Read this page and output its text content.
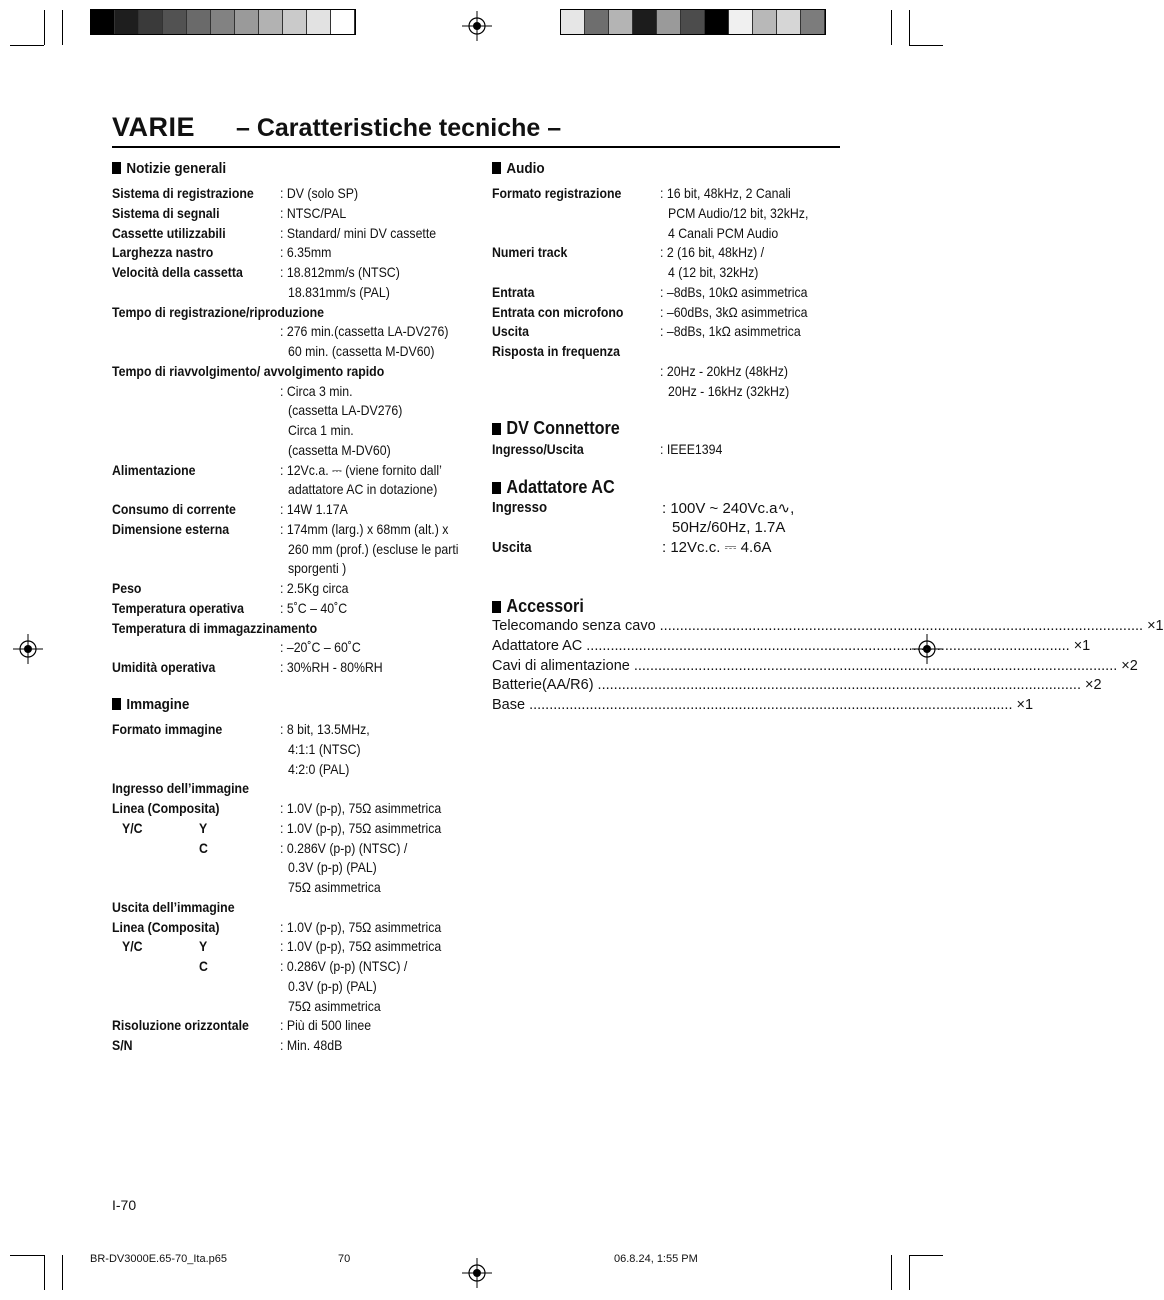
VARIE – Caratteristiche tecniche –
Notizie generali
Immagine
Audio
DV Connettore
Adattatore AC
Accessori
Sistema di registrazione : DV (solo SP)
Sistema di segnali	: NTSC/PAL
Cassette utilizzabili	: Standard/ mini DV cassette
Larghezza nastro	: 6.35mm
Velocità della cassetta	: 18.812mm/s (NTSC)
18.831mm/s (PAL)
Tempo di registrazione/riproduzione
: 276 min.(cassetta LA-DV276)
60 min. (cassetta M-DV60)
Tempo di riavvolgimento/ avvolgimento rapido
: Circa 3 min.
(cassetta LA-DV276)
Circa 1 min.
(cassetta M-DV60)
Alimentazione	: 12Vc.a. ⎓ (viene fornito dall’
adattatore AC in dotazione)
Consumo di corrente	: 14W 1.17A
Dimensione esterna	: 174mm (larg.) x 68mm (alt.) x
260 mm (prof.) (escluse le parti
sporgenti )
Peso	: 2.5Kg circa
Temperatura operativa	: 5˚C – 40˚C
Temperatura di immagazzinamento
: –20˚C – 60˚C
Umidità operativa	: 30%RH - 80%RH
Formato immagine	: 8 bit, 13.5MHz,
4:1:1 (NTSC)
4:2:0 (PAL)
Ingresso dell’immagine
Linea (Composita)	: 1.0V (p-p), 75Ω asimmetrica
Y/C	Y	: 1.0V (p-p), 75Ω asimmetrica
C	: 0.286V (p-p) (NTSC) /
0.3V (p-p) (PAL)
75Ω asimmetrica
Uscita dell’immagine
Linea (Composita)	: 1.0V (p-p), 75Ω asimmetrica
Y/C	Y	: 1.0V (p-p), 75Ω asimmetrica
C	: 0.286V (p-p) (NTSC) /
0.3V (p-p) (PAL)
75Ω asimmetrica
Risoluzione orizzontale : Più di 500 linee
S/N	: Min. 48dB
Formato registrazione	: 16 bit, 48kHz, 2 Canali
PCM Audio/12 bit, 32kHz,
4 Canali PCM Audio
Numeri track	: 2 (16 bit, 48kHz) /
4 (12 bit, 32kHz)
Entrata	: –8dBs, 10kΩ asimmetrica
Entrata con microfono	: –60dBs, 3kΩ asimmetrica
Uscita	: –8dBs, 1kΩ asimmetrica
Risposta in frequenza
: 20Hz - 20kHz (48kHz)
20Hz - 16kHz (32kHz)
Ingresso/Uscita	: IEEE1394
Ingresso	: 100V ~ 240Vc.a∿,
50Hz/60Hz, 1.7A
Uscita	: 12Vc.c. ⎓ 4.6A
Telecomando senza cavo ........................................................................................................................ ×1
Adattatore AC ........................................................................................................................ ×1
Cavi di alimentazione ........................................................................................................................ ×2
Batterie(AA/R6) ........................................................................................................................ ×2
Base ........................................................................................................................ ×1
I-70
BR-DV3000E.65-70_Ita.p65	70	06.8.24, 1:55 PM
